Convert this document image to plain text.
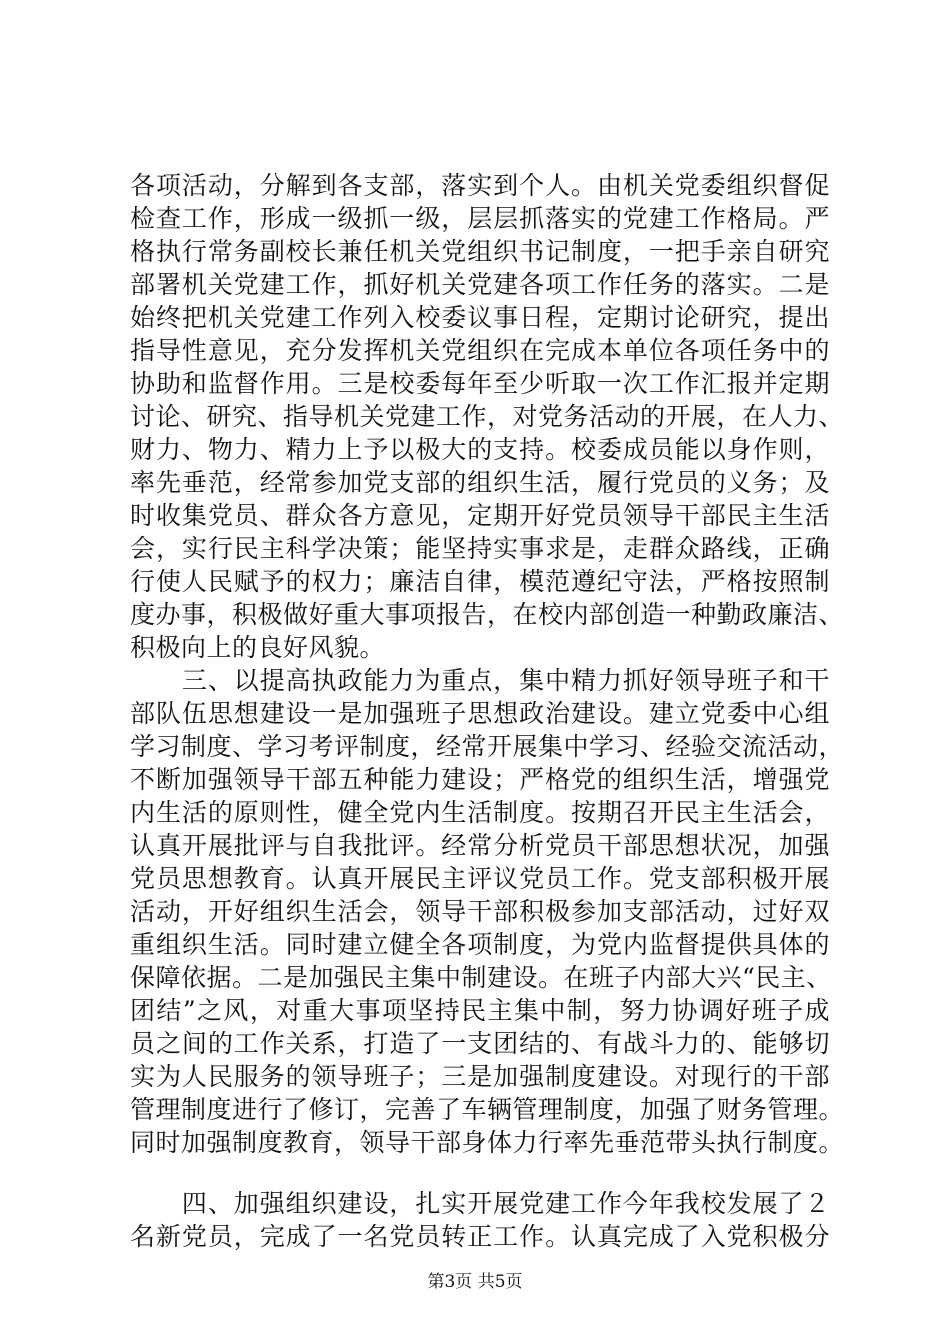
各项活动，分解到各支部，落实到个人。由机关党委组织督促
检查工作，形成一级抓一级，层层抓落实的党建工作格局。严
格执行常务副校长兼任机关党组织书记制度，一把手亲自研究
部署机关党建工作，抓好机关党建各项工作任务的落实。二是
始终把机关党建工作列入校委议事日程，定期讨论研究，提出
指导性意见，充分发挥机关党组织在完成本单位各项任务中的
协助和监督作用。三是校委每年至少听取一次工作汇报并定期
讨论、研究、指导机关党建工作，对党务活动的开展，在人力、
财力、物力、精力上予以极大的支持。校委成员能以身作则，
率先垂范，经常参加党支部的组织生活，履行党员的义务；及
时收集党员、群众各方意见，定期开好党员领导干部民主生活
会，实行民主科学决策；能坚持实事求是，走群众路线，正确
行使人民赋予的权力；廉洁自律，模范遵纪守法，严格按照制
度办事，积极做好重大事项报告，在校内部创造一种勤政廉洁、
积极向上的良好风貌。
　　三、以提高执政能力为重点，集中精力抓好领导班子和干
部队伍思想建设一是加强班子思想政治建设。建立党委中心组
学习制度、学习考评制度，经常开展集中学习、经验交流活动，
不断加强领导干部五种能力建设；严格党的组织生活，增强党
内生活的原则性，健全党内生活制度。按期召开民主生活会，
认真开展批评与自我批评。经常分析党员干部思想状况，加强
党员思想教育。认真开展民主评议党员工作。党支部积极开展
活动，开好组织生活会，领导干部积极参加支部活动，过好双
重组织生活。同时建立健全各项制度，为党内监督提供具体的
保障依据。二是加强民主集中制建设。在班子内部大兴“民主、
团结”之风，对重大事项坚持民主集中制，努力协调好班子成
员之间的工作关系，打造了一支团结的、有战斗力的、能够切
实为人民服务的领导班子；三是加强制度建设。对现行的干部
管理制度进行了修订，完善了车辆管理制度，加强了财务管理。
同时加强制度教育，领导干部身体力行率先垂范带头执行制度。
　　四、加强组织建设，扎实开展党建工作今年我校发展了２
名新党员，完成了一名党员转正工作。认真完成了入党积极分
第3页 共5页
